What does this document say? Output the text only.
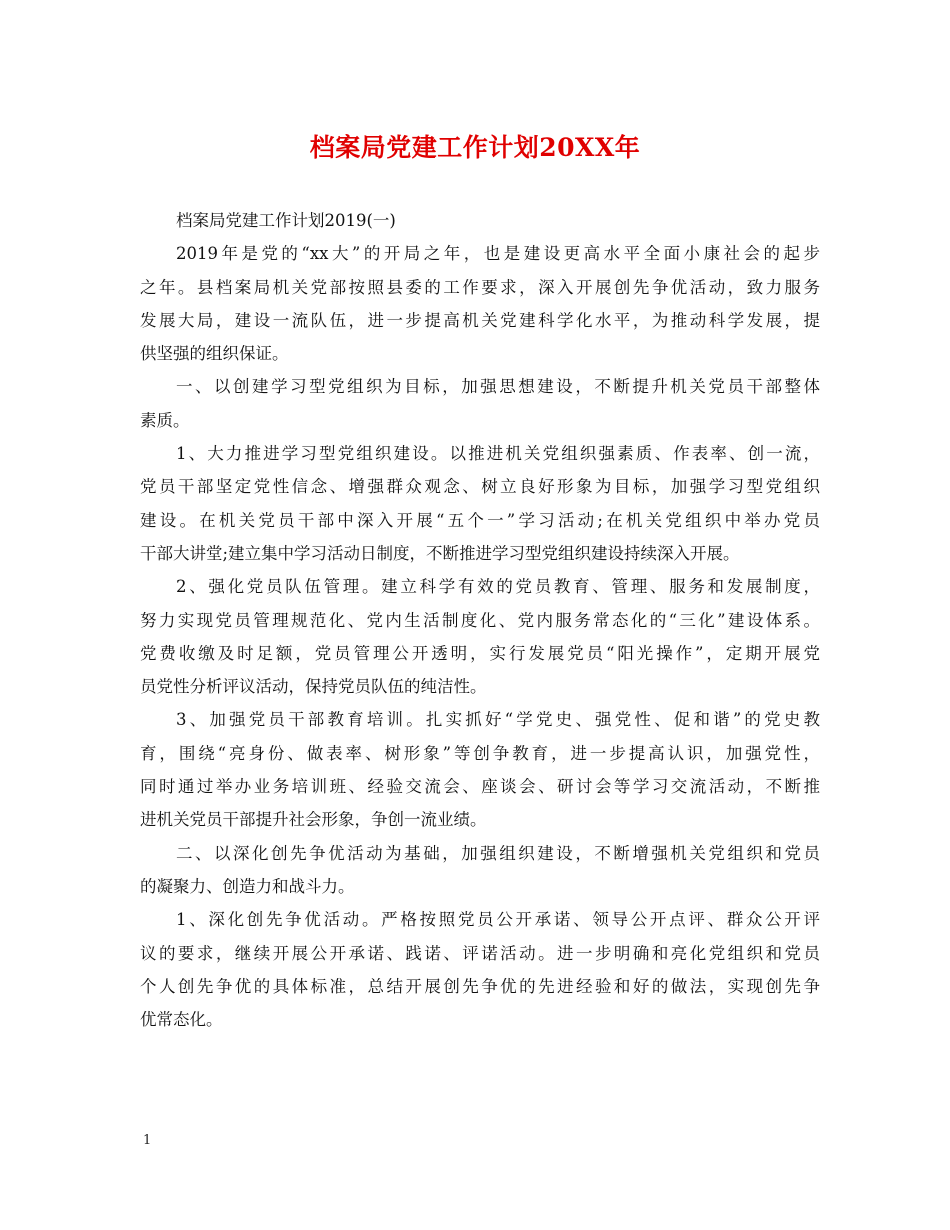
档案局党建工作计划20XX年
档案局党建工作计划2019(一)
2019年是党的“xx大”的开局之年，也是建设更高水平全面小康社会的起步
之年。县档案局机关党部按照县委的工作要求，深入开展创先争优活动，致力服务
发展大局，建设一流队伍，进一步提高机关党建科学化水平，为推动科学发展，提
供坚强的组织保证。
一、以创建学习型党组织为目标，加强思想建设，不断提升机关党员干部整体
素质。
1、大力推进学习型党组织建设。以推进机关党组织强素质、作表率、创一流，
党员干部坚定党性信念、增强群众观念、树立良好形象为目标，加强学习型党组织
建设。在机关党员干部中深入开展“五个一”学习活动;在机关党组织中举办党员
干部大讲堂;建立集中学习活动日制度，不断推进学习型党组织建设持续深入开展。
2、强化党员队伍管理。建立科学有效的党员教育、管理、服务和发展制度，
努力实现党员管理规范化、党内生活制度化、党内服务常态化的“三化”建设体系。
党费收缴及时足额，党员管理公开透明，实行发展党员“阳光操作”，定期开展党
员党性分析评议活动，保持党员队伍的纯洁性。
3、加强党员干部教育培训。扎实抓好“学党史、强党性、促和谐”的党史教
育，围绕“亮身份、做表率、树形象”等创争教育，进一步提高认识，加强党性，
同时通过举办业务培训班、经验交流会、座谈会、研讨会等学习交流活动，不断推
进机关党员干部提升社会形象，争创一流业绩。
二、以深化创先争优活动为基础，加强组织建设，不断增强机关党组织和党员
的凝聚力、创造力和战斗力。
1、深化创先争优活动。严格按照党员公开承诺、领导公开点评、群众公开评
议的要求，继续开展公开承诺、践诺、评诺活动。进一步明确和亮化党组织和党员
个人创先争优的具体标准，总结开展创先争优的先进经验和好的做法，实现创先争
优常态化。
1
